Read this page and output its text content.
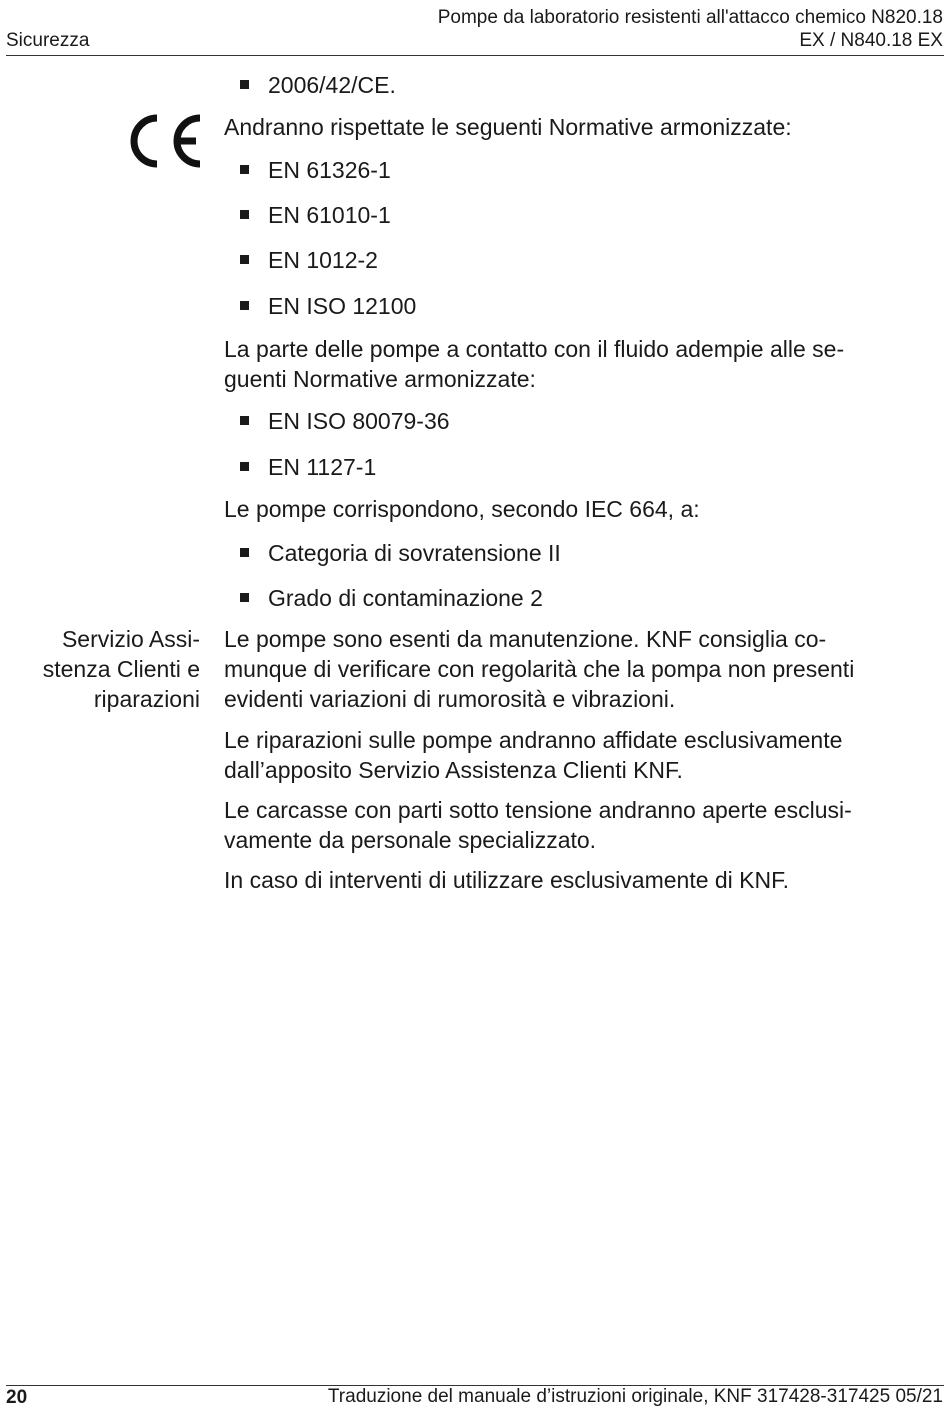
Sicurezza
Pompe da laboratorio resistenti all'attacco chemico N820.18
EX / N840.18 EX
2006/42/CE.
Andranno rispettate le seguenti Normative armonizzate:
EN 61326-1
EN 61010-1
EN 1012-2
EN ISO 12100
La parte delle pompe a contatto con il fluido adempie alle se-
guenti Normative armonizzate:
EN ISO 80079-36
EN 1127-1
Le pompe corrispondono, secondo IEC 664, a:
Categoria di sovratensione II
Grado di contaminazione 2
Le pompe sono esenti da manutenzione. KNF consiglia co-
munque di verificare con regolarità che la pompa non presenti
evidenti variazioni di rumorosità e vibrazioni.
Le riparazioni sulle pompe andranno affidate esclusivamente
dall’apposito Servizio Assistenza Clienti KNF.
Le carcasse con parti sotto tensione andranno aperte esclusi-
vamente da personale specializzato.
In caso di interventi di utilizzare esclusivamente di KNF.
Servizio Assi-
stenza Clienti e
riparazioni
20	Traduzione del manuale d’istruzioni originale, KNF 317428-317425 05/21
